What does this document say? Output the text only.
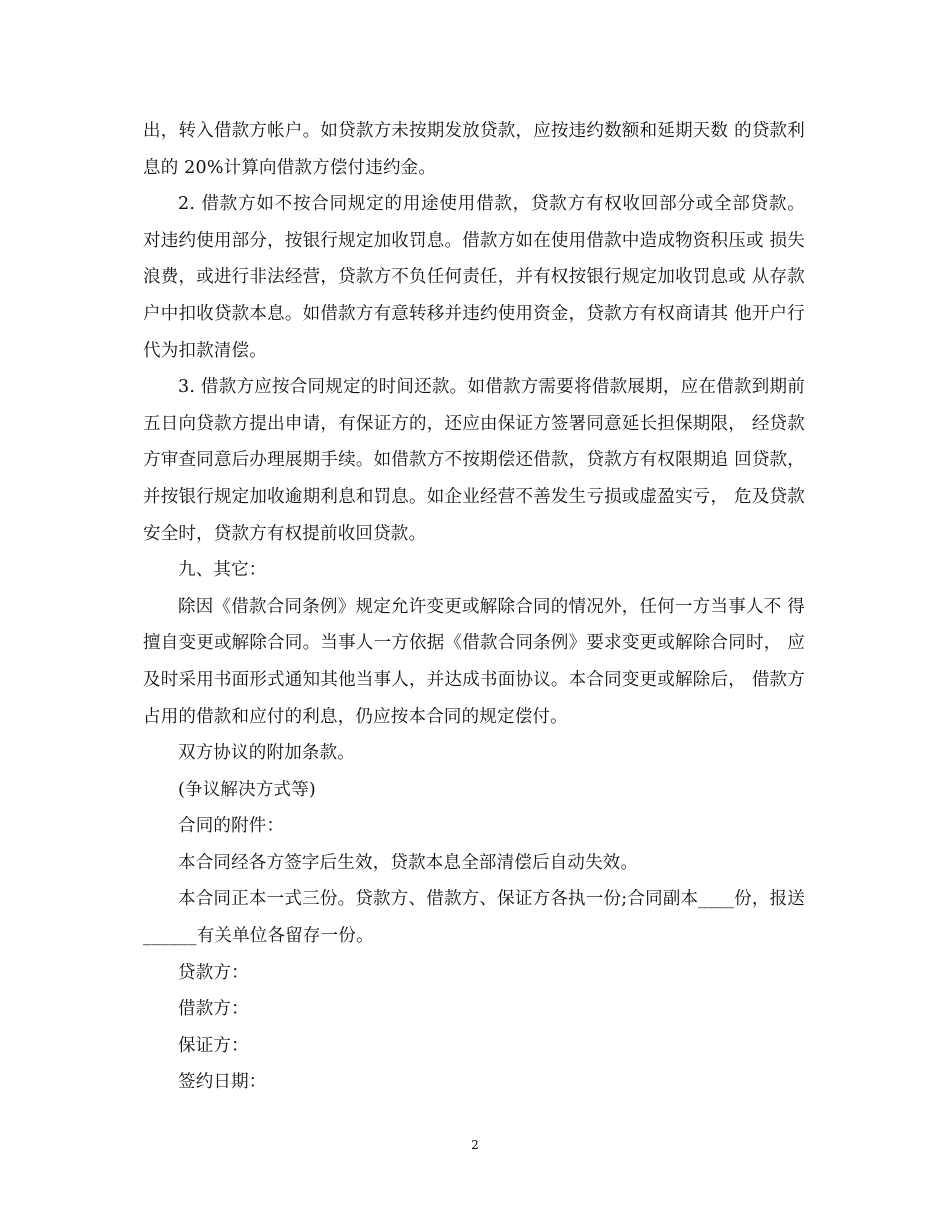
出，转入借款方帐户。如贷款方未按期发放贷款，应按违约数额和延期天数 的贷款利息的 20%计算向借款方偿付违约金。

2. 借款方如不按合同规定的用途使用借款，贷款方有权收回部分或全部贷款。 对违约使用部分，按银行规定加收罚息。借款方如在使用借款中造成物资积压或 损失浪费，或进行非法经营，贷款方不负任何责任，并有权按银行规定加收罚息或 从存款户中扣收贷款本息。如借款方有意转移并违约使用资金，贷款方有权商请其 他开户行代为扣款清偿。

3. 借款方应按合同规定的时间还款。如借款方需要将借款展期，应在借款到期前五日向贷款方提出申请，有保证方的，还应由保证方签署同意延长担保期限， 经贷款方审查同意后办理展期手续。如借款方不按期偿还借款，贷款方有权限期追 回贷款，并按银行规定加收逾期利息和罚息。如企业经营不善发生亏损或虚盈实亏， 危及贷款安全时，贷款方有权提前收回贷款。

九、其它：

除因《借款合同条例》规定允许变更或解除合同的情况外，任何一方当事人不 得擅自变更或解除合同。当事人一方依据《借款合同条例》要求变更或解除合同时， 应及时采用书面形式通知其他当事人，并达成书面协议。本合同变更或解除后， 借款方占用的借款和应付的利息，仍应按本合同的规定偿付。

双方协议的附加条款。

(争议解决方式等)

合同的附件：

本合同经各方签字后生效，贷款本息全部清偿后自动失效。

本合同正本一式三份。贷款方、借款方、保证方各执一份;合同副本____份，报送______有关单位各留存一份。

贷款方：

借款方：

保证方：

签约日期：

2
